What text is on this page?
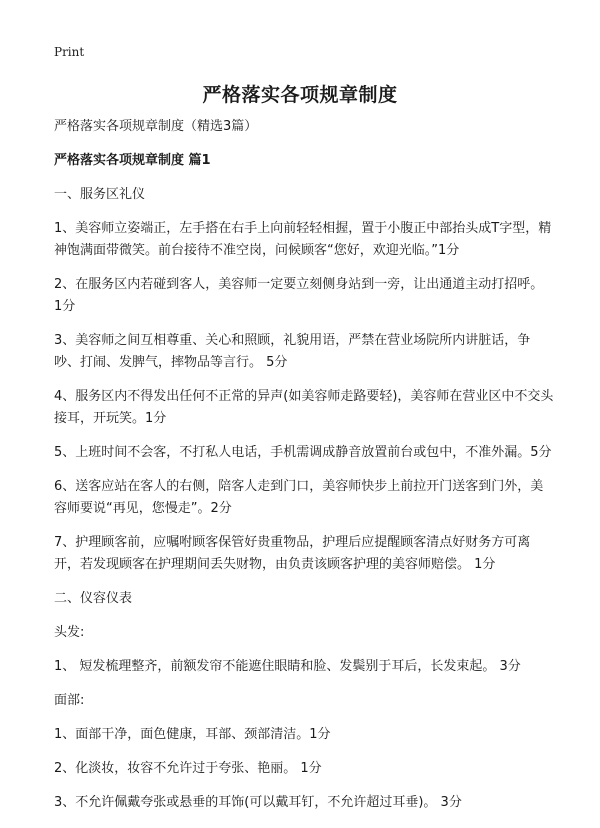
Print
严格落实各项规章制度

严格落实各项规章制度（精选3篇）

严格落实各项规章制度 篇1

一、服务区礼仪

1、美容师立姿端正，左手搭在右手上向前轻轻相握，置于小腹正中部抬头成T字型，精神饱满面带微笑。前台接待不准空岗，问候顾客“您好，欢迎光临。”1分

2、在服务区内若碰到客人，美容师一定要立刻侧身站到一旁，让出通道主动打招呼。 1分

3、美容师之间互相尊重、关心和照顾，礼貌用语，严禁在营业场院所内讲脏话，争吵、打闹、发脾气，摔物品等言行。 5分

4、服务区内不得发出任何不正常的异声(如美容师走路要轻)，美容师在营业区中不交头接耳，开玩笑。1分

5、上班时间不会客，不打私人电话，手机需调成静音放置前台或包中，不准外漏。5分

6、送客应站在客人的右侧，陪客人走到门口，美容师快步上前拉开门送客到门外，美容师要说“再见，您慢走”。2分

7、护理顾客前，应嘱咐顾客保管好贵重物品，护理后应提醒顾客清点好财务方可离开，若发现顾客在护理期间丢失财物，由负责该顾客护理的美容师赔偿。 1分

二、仪容仪表

头发:

1、 短发梳理整齐，前额发帘不能遮住眼睛和脸、发鬓别于耳后，长发束起。 3分

面部:

1、面部干净，面色健康，耳部、颈部清洁。1分

2、化淡妆，妆容不允许过于夸张、艳丽。 1分

3、不允许佩戴夸张或悬垂的耳饰(可以戴耳钉，不允许超过耳垂)。 3分
